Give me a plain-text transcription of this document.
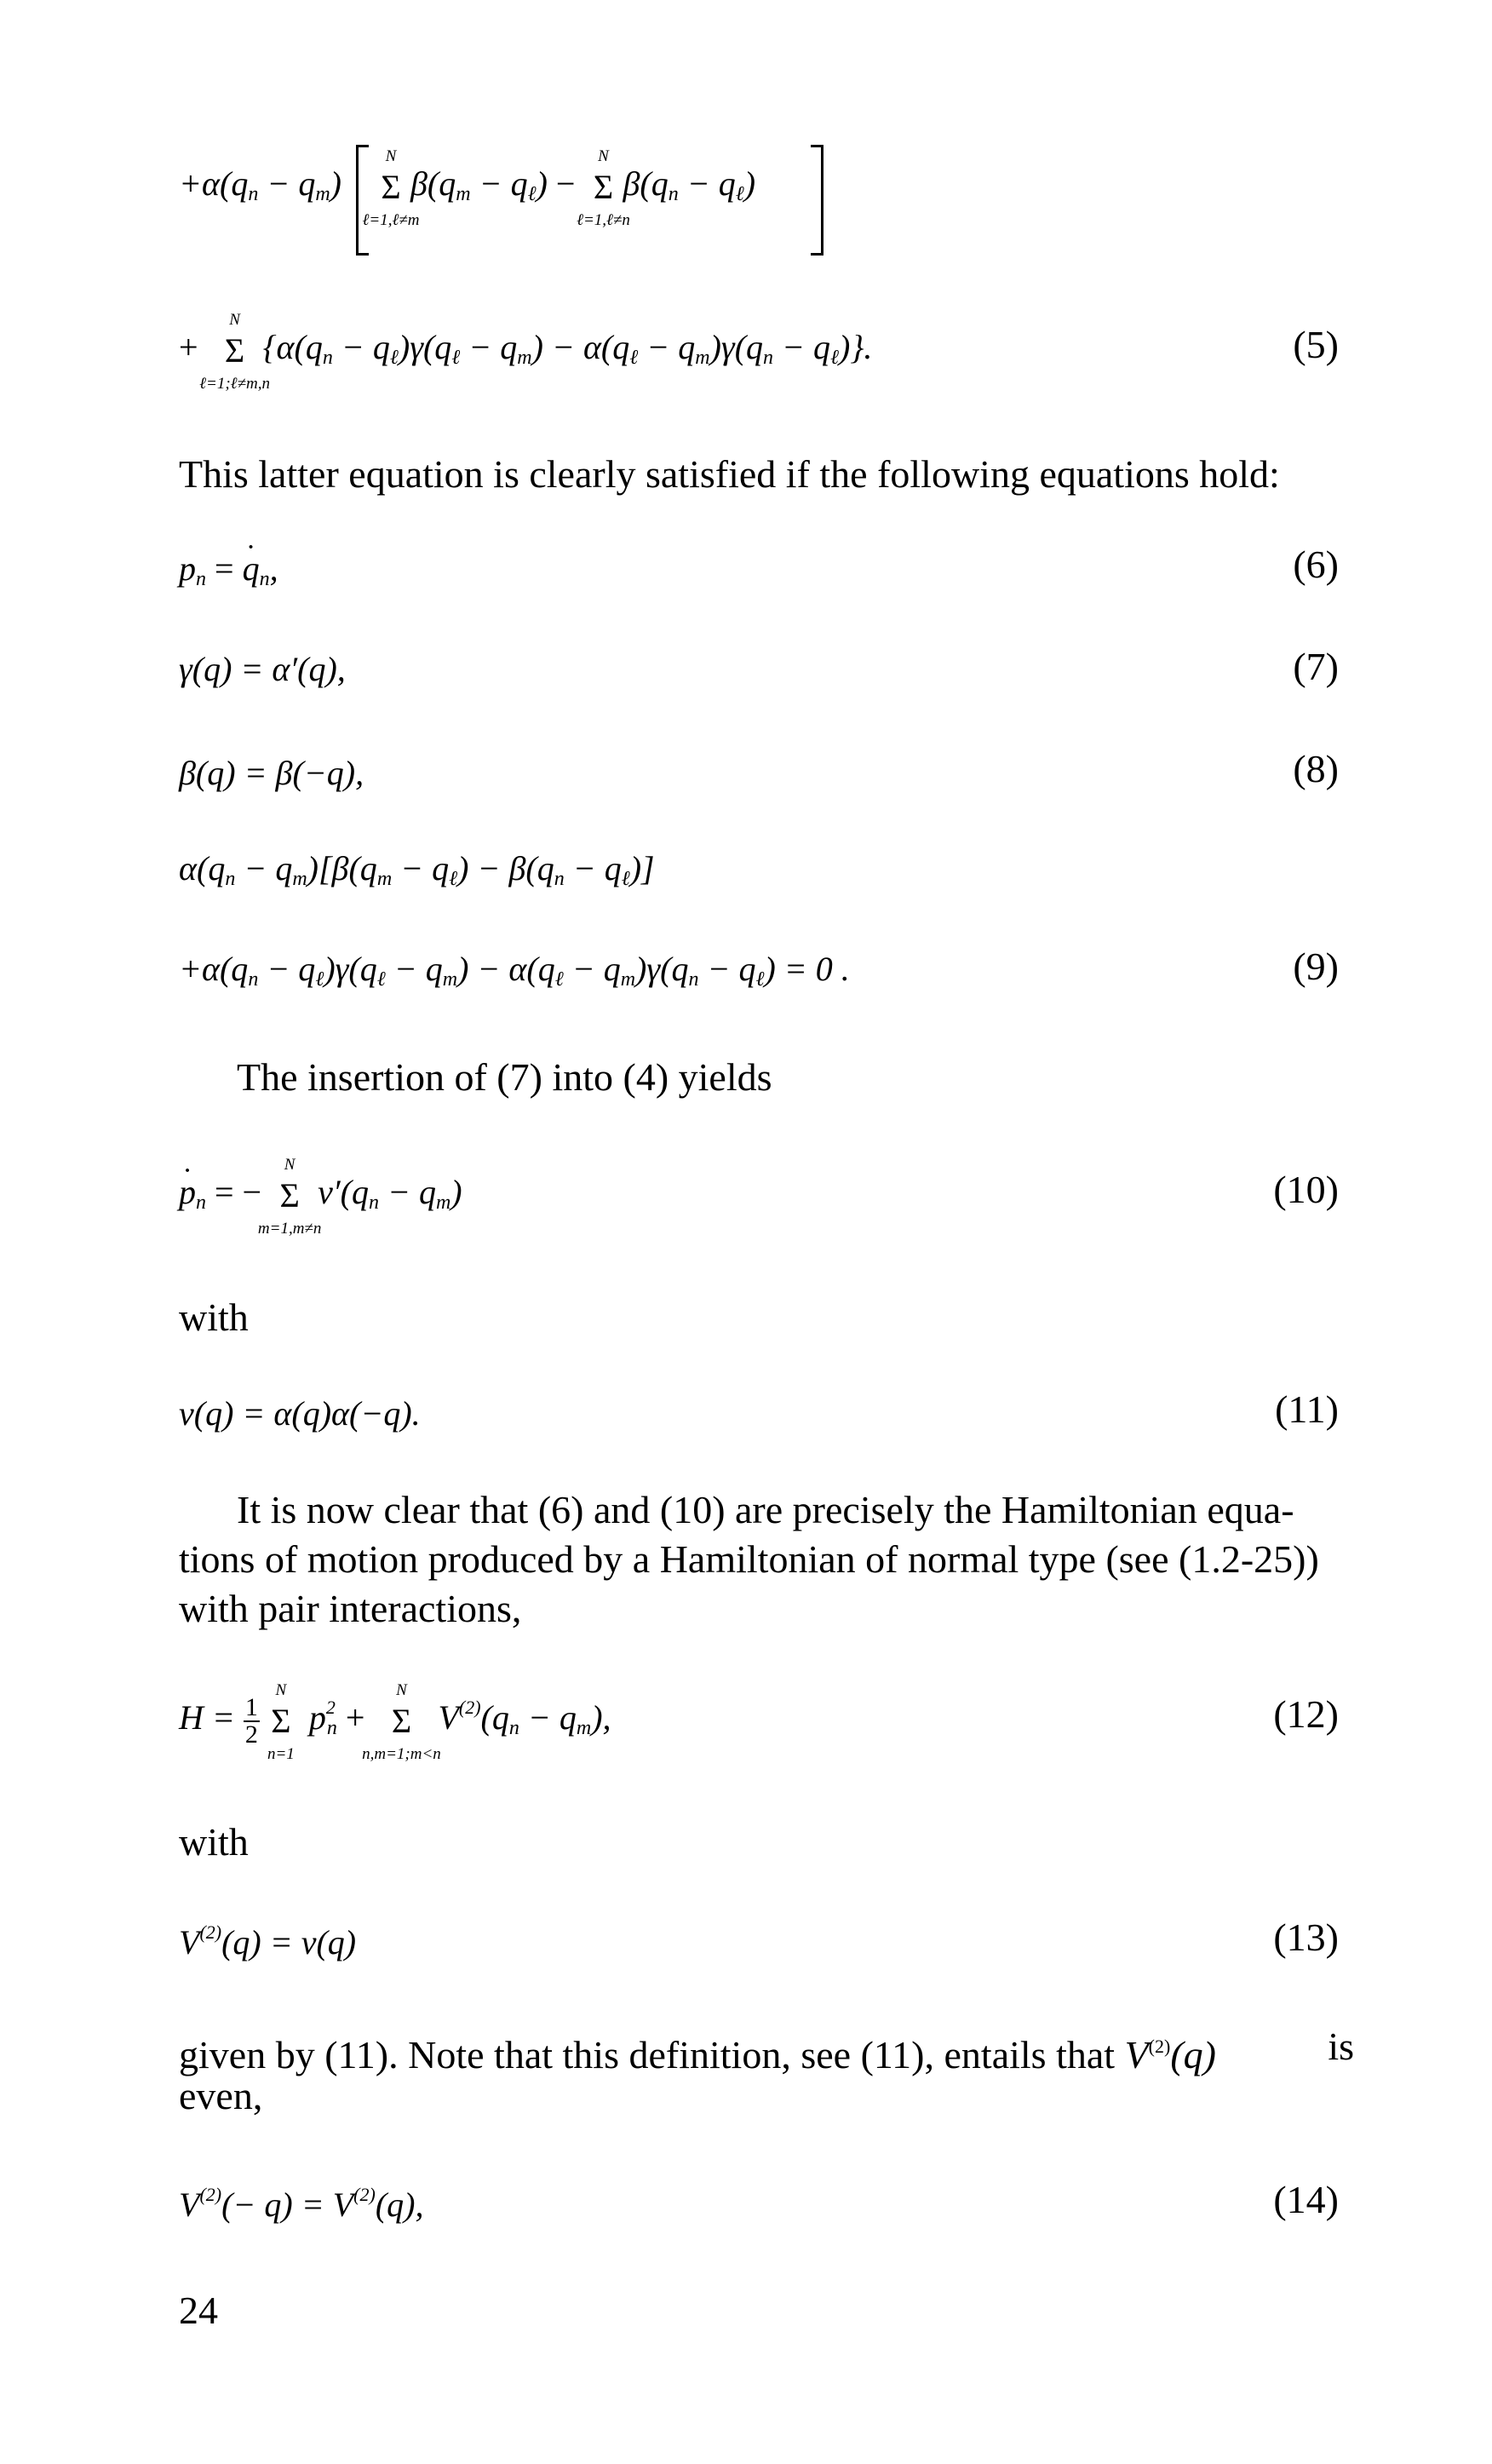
$+\alpha(q_n - q_m)$ Σ
N
ℓ=1,ℓ≠m
$\beta(q_m - q_\ell) - \Sigma$
N
ℓ=1,ℓ≠n
$\beta(q_n - q_\ell)$
+ Σ
N
ℓ=1;ℓ≠m,n
$\{\alpha(q_n - q_\ell)\gamma(q_\ell - q_m) - \alpha(q_\ell - q_m)\gamma(q_n - q_\ell)\}$.	(5)
This latter equation is clearly satisfied if the following equations hold:
$p_n = q \cdot_n$,	(6)
γ(q) = α′(q),	(7)
β(q) = β(−q),	(8)
$\alpha(q_n - q_m)[\beta(q_m - q_\ell) - \beta(q_n - q_\ell)]$
$+\alpha(q_n - q_\ell)\gamma(q_\ell - q_m) - \alpha(q_\ell - q_m)\gamma(q_n - q_\ell) = 0$ .	(9)
The insertion of (7) into (4) yields
$p \cdot_n$ = − Σ
N
m=1,m≠n
$v'(q_n - q_m)$	(10)
with
v(q) = α(q)α(−q).	(11)
It is now clear that (6) and (10) are precisely the Hamiltonian equa-
tions of motion produced by a Hamiltonian of normal type (see (1.2-25))
with pair interactions,
$H = \frac{1}{2}$ Σ
N
n=1
$p^2_n + \Sigma$
N
n,m=1;m<n
$V^{(2)}(q_n - q_m)$,	(12)
with
$V^{(2)}(q) = v(q)$	(13)
given by (11). Note that this definition, see (11), entails that $V^{(2)}(q)$	is
even,
$V^{(2)}(- q) = V^{(2)}(q)$,	(14)
24
